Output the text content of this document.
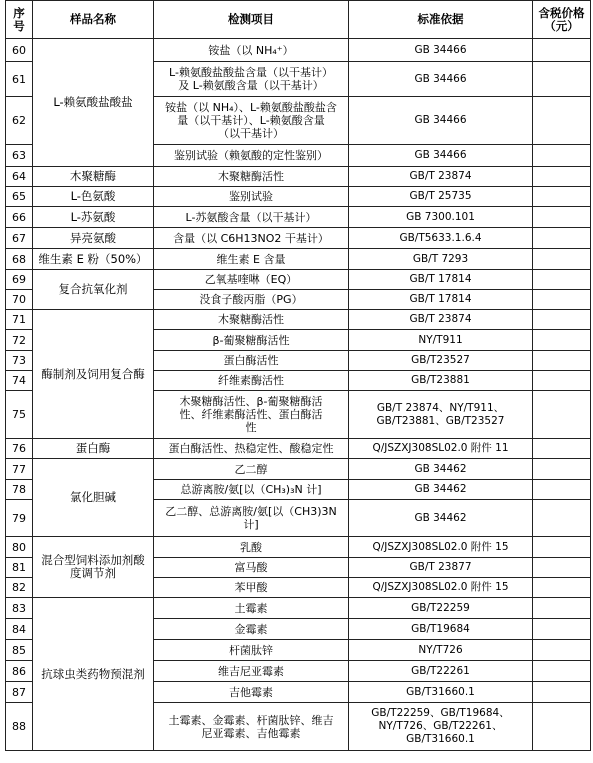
序
号	样品名称	检测项目	标准依据	含税价格
（元）
60	L-赖氨酸盐酸盐	铵盐（以 NH₄⁺）	GB 34466	
61		L-赖氨酸盐酸盐含量（以干基计）
及 L-赖氨酸含量（以干基计）	GB 34466	
62		铵盐（以 NH₄）、L-赖氨酸盐酸盐含
量（以干基计）、L-赖氨酸含量
（以干基计）	GB 34466	
63		鉴别试验（赖氨酸的定性鉴别）	GB 34466	
64	木聚糖酶	木聚糖酶活性	GB/T 23874	
65	L-色氨酸	鉴别试验	GB/T 25735	
66	L-苏氨酸	L-苏氨酸含量（以干基计）	GB 7300.101	
67	异亮氨酸	含量（以 C6H13NO2 干基计）	GB/T5633.1.6.4	
68	维生素 E 粉（50%）	维生素 E 含量	GB/T 7293	
69	复合抗氧化剂	乙氧基喹啉（EQ）	GB/T 17814	
70		没食子酸丙脂（PG）	GB/T 17814	
71	酶制剂及饲用复合酶	木聚糖酶活性	GB/T 23874	
72		β-葡聚糖酶活性	NY/T911	
73		蛋白酶活性	GB/T23527	
74		纤维素酶活性	GB/T23881	
75		木聚糖酶活性、β-葡聚糖酶活
性、纤维素酶活性、蛋白酶活
性	GB/T 23874、NY/T911、
GB/T23881、GB/T23527	
76	蛋白酶	蛋白酶活性、热稳定性、酸稳定性	Q/JSZXJ308SL02.0 附件 11	
77	氯化胆碱	乙二醇	GB 34462	
78		总游离胺/氨[以（CH₃)₃N 计]	GB 34462	
79		乙二醇、总游离胺/氨[以（CH3)3N
计]	GB 34462	
80	混合型饲料添加剂酸
度调节剂	乳酸	Q/JSZXJ308SL02.0 附件 15	
81		富马酸	GB/T 23877	
82		苯甲酸	Q/JSZXJ308SL02.0 附件 15	
83	抗球虫类药物预混剂	土霉素	GB/T22259	
84		金霉素	GB/T19684	
85		杆菌肽锌	NY/T726	
86		维吉尼亚霉素	GB/T22261	
87		吉他霉素	GB/T31660.1	
88		土霉素、金霉素、杆菌肽锌、维吉
尼亚霉素、吉他霉素	GB/T22259、GB/T19684、
NY/T726、GB/T22261、
GB/T31660.1	
